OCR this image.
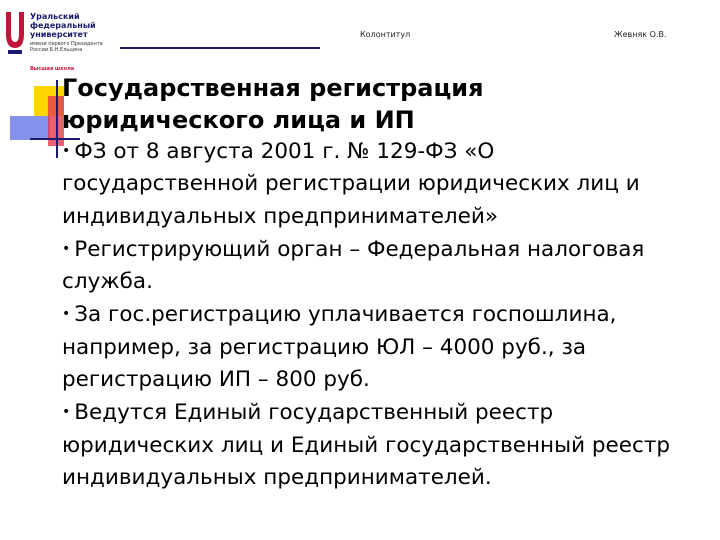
Уральский
федеральный
университет
имени первого Президента России Б.Н.Ельцина
Высшая школа
Колонтитул	Жевняк О.В.
Государственная регистрация
юридического лица и ИП
• ФЗ от 8 августа 2001 г. № 129-ФЗ «О государственной регистрации юридических лиц и индивидуальных предпринимателей»
• Регистрирующий орган – Федеральная налоговая служба.
• За гос.регистрацию уплачивается госпошлина, например, за регистрацию ЮЛ – 4000 руб., за регистрацию ИП – 800 руб.
• Ведутся Единый государственный реестр юридических лиц и Единый государственный реестр индивидуальных предпринимателей.
